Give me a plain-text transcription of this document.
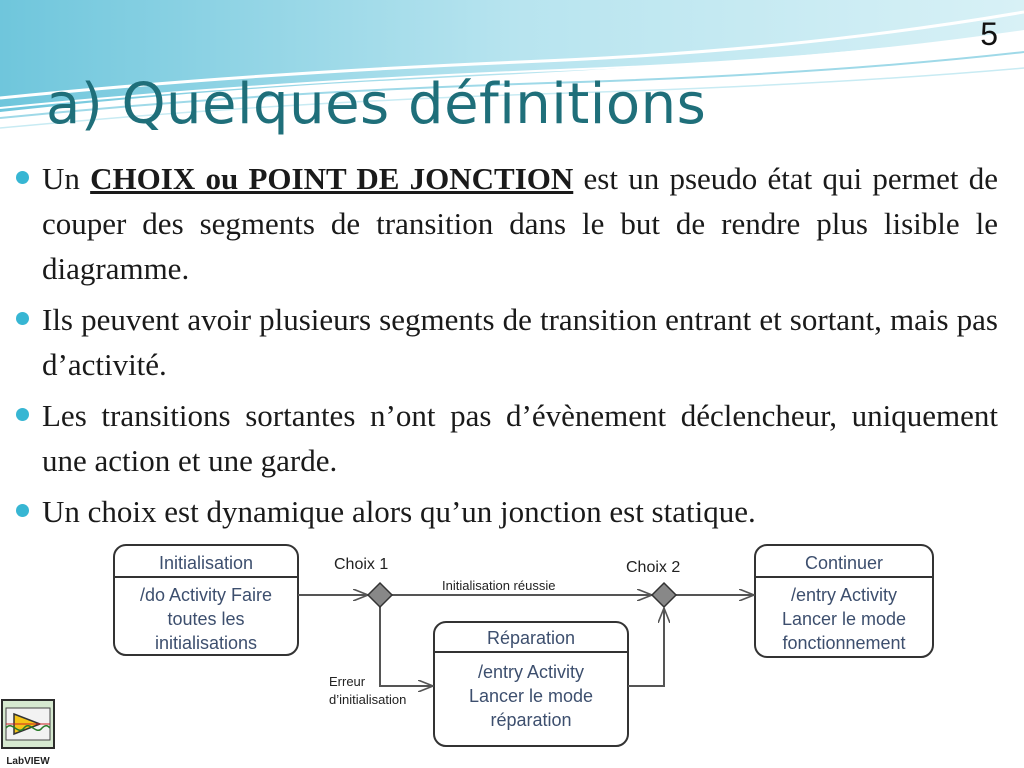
5
a) Quelques définitions
Un CHOIX ou POINT DE JONCTION est un pseudo état qui permet de couper des segments de transition dans le but de rendre plus lisible le diagramme.
Ils peuvent avoir plusieurs segments de transition entrant et sortant, mais pas d’activité.
Les transitions sortantes n’ont pas d’évènement déclencheur, uniquement une action et une garde.
Un choix est dynamique alors qu’un jonction est statique.
Initialisation
/do Activity Faire
toutes les
initialisations	Réparation
/entry Activity
Lancer le mode
réparation
Continuer
/entry Activity
Lancer le mode
fonctionnement
Choix 1	Choix 2
Initialisation réussie
Erreur
d’initialisation
LabVIEW
